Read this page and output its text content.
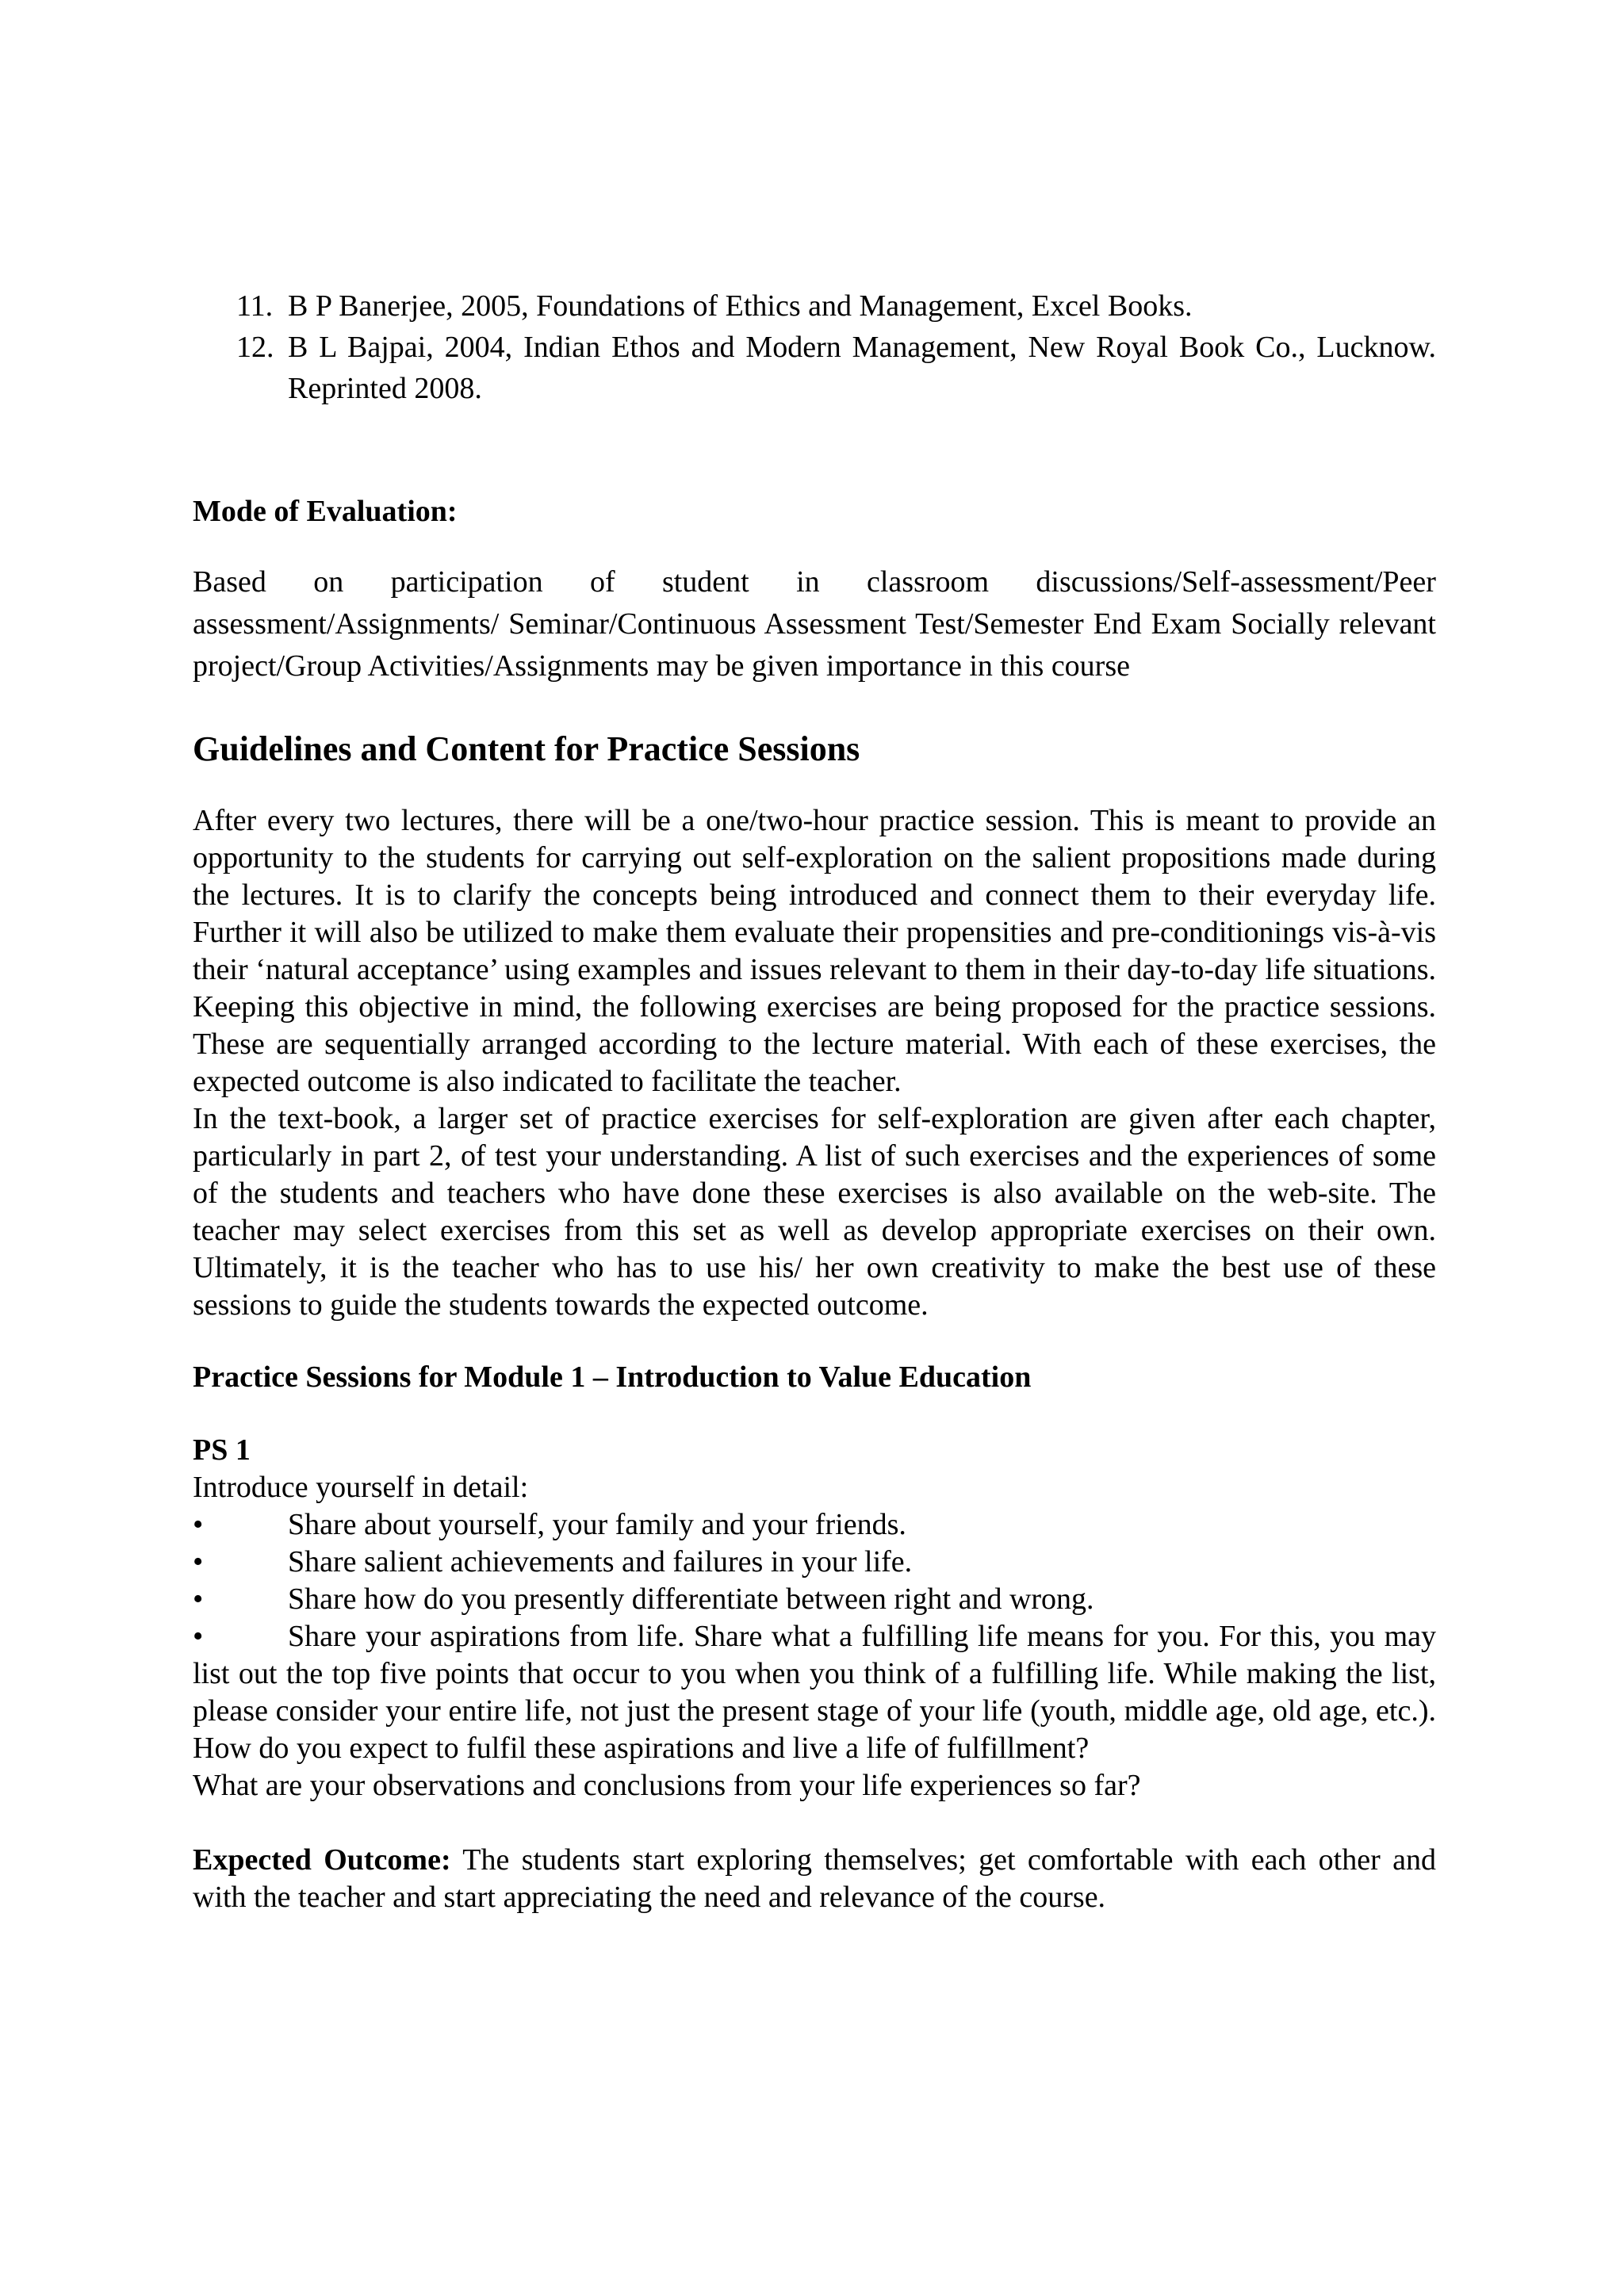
11. B P Banerjee, 2005, Foundations of Ethics and Management, Excel Books.
12. B L Bajpai, 2004, Indian Ethos and Modern Management, New Royal Book Co., Lucknow. Reprinted 2008.

Mode of Evaluation:

Based on participation of student in classroom discussions/Self-assessment/Peer
assessment/Assignments/ Seminar/Continuous Assessment Test/Semester End Exam Socially relevant project/Group Activities/Assignments may be given importance in this course
Guidelines and Content for Practice Sessions

After every two lectures, there will be a one/two-hour practice session. This is meant to provide an opportunity to the students for carrying out self-exploration on the salient propositions made during the lectures. It is to clarify the concepts being introduced and connect them to their everyday life. Further it will also be utilized to make them evaluate their propensities and pre-conditionings vis-à-vis their ‘natural acceptance’ using examples and issues relevant to them in their day-to-day life situations. Keeping this objective in mind, the following exercises are being proposed for the practice sessions. These are sequentially arranged according to the lecture material. With each of these exercises, the expected outcome is also indicated to facilitate the teacher.

In the text-book, a larger set of practice exercises for self-exploration are given after each chapter, particularly in part 2, of test your understanding. A list of such exercises and the experiences of some of the students and teachers who have done these exercises is also available on the web-site. The teacher may select exercises from this set as well as develop appropriate exercises on their own. Ultimately, it is the teacher who has to use his/ her own creativity to make the best use of these sessions to guide the students towards the expected outcome.

Practice Sessions for Module 1 – Introduction to Value Education

PS 1

Introduce yourself in detail:

•	Share about yourself, your family and your friends.
•	Share salient achievements and failures in your life.
•	Share how do you presently differentiate between right and wrong.
•	Share your aspirations from life. Share what a fulfilling life means for you. For this, you may list out the top five points that occur to you when you think of a fulfilling life. While making the list, please consider your entire life, not just the present stage of your life (youth, middle age, old age, etc.). How do you expect to fulfil these aspirations and live a life of fulfillment?

What are your observations and conclusions from your life experiences so far?

Expected Outcome: The students start exploring themselves; get comfortable with each other and with the teacher and start appreciating the need and relevance of the course.
